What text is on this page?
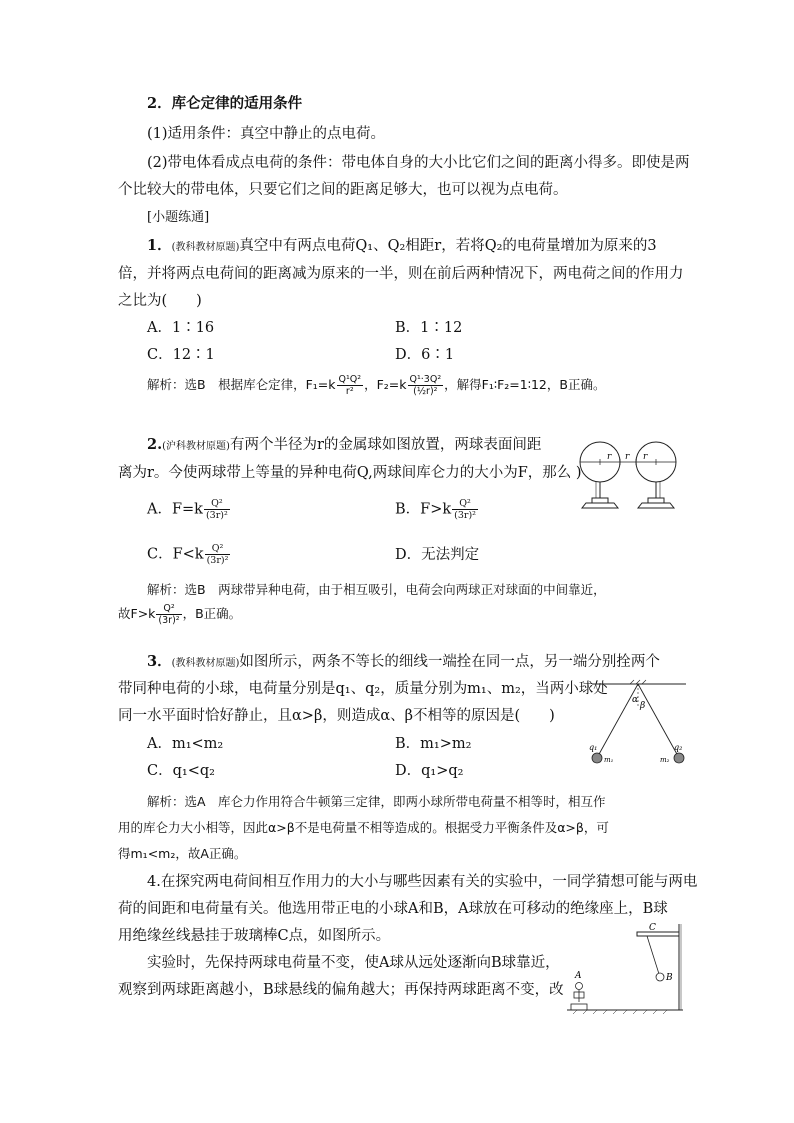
2．库仑定律的适用条件
(1)适用条件：真空中静止的点电荷。
(2)带电体看成点电荷的条件：带电体自身的大小比它们之间的距离小得多。即使是两
个比较大的带电体，只要它们之间的距离足够大，也可以视为点电荷。
[小题练通]
1．(教科教材原题)真空中有两点电荷Q₁、Q₂相距r，若将Q₂的电荷量增加为原来的3
倍，并将两点电荷间的距离减为原来的一半，则在前后两种情况下，两电荷之间的作用力
之比为(　　)
A．1∶16	B．1∶12
C．12∶1	D．6∶1
解析：选B　根据库仑定律，$F_1=k \frac{\text{Q¹Q²}}{\text{r²}}$ ，$F_2=k \frac{\text{Q¹·3Q²}}{\text{(½r)²}}$ ，解得F₁∶F₂=1∶12，B正确。
2.(沪科教材原题)有两个半径为r的金属球如图放置，两球表面间距
离为r。今使两球带上等量的异种电荷Q,两球间库仑力的大小为F，那么 )
A．$F=k \frac{\text{Q²}}{\text{(3r)²}}$	B．$F>k \frac{\text{Q²}}{\text{(3r)²}}$
C．$F<k \frac{\text{Q²}}{\text{(3r)²}}$	D．无法判定
解析：选B　两球带异种电荷，由于相互吸引，电荷会向两球正对球面的中间靠近，
故$F>k \frac{\text{Q²}}{\text{(3r)²}}$ ，B正确。
r r r
3．(教科教材原题)如图所示，两条不等长的细线一端拴在同一点，另一端分别拴两个
带同种电荷的小球，电荷量分别是q₁、q₂，质量分别为m₁、m₂，当两小球处
同一水平面时恰好静止，且α>β，则造成α、β不相等的原因是(　　)
A．m₁<m₂	B．m₁>m₂
C．q₁<q₂	D．q₁>q₂
解析：选A　库仑力作用符合牛顿第三定律，即两小球所带电荷量不相等时，相互作
用的库仑力大小相等，因此α>β不是电荷量不相等造成的。根据受力平衡条件及α>β，可
得m₁<m₂，故A正确。
α
β
q₁	q₂
m₁	m₂
4.在探究两电荷间相互作用力的大小与哪些因素有关的实验中，一同学猜想可能与两电
荷的间距和电荷量有关。他选用带正电的小球A和B，A球放在可移动的绝缘座上，B球
用绝缘丝线悬挂于玻璃棒C点，如图所示。
实验时，先保持两球电荷量不变，使A球从远处逐渐向B球靠近，
观察到两球距离越小，B球悬线的偏角越大；再保持两球距离不变，改
A	B
C
